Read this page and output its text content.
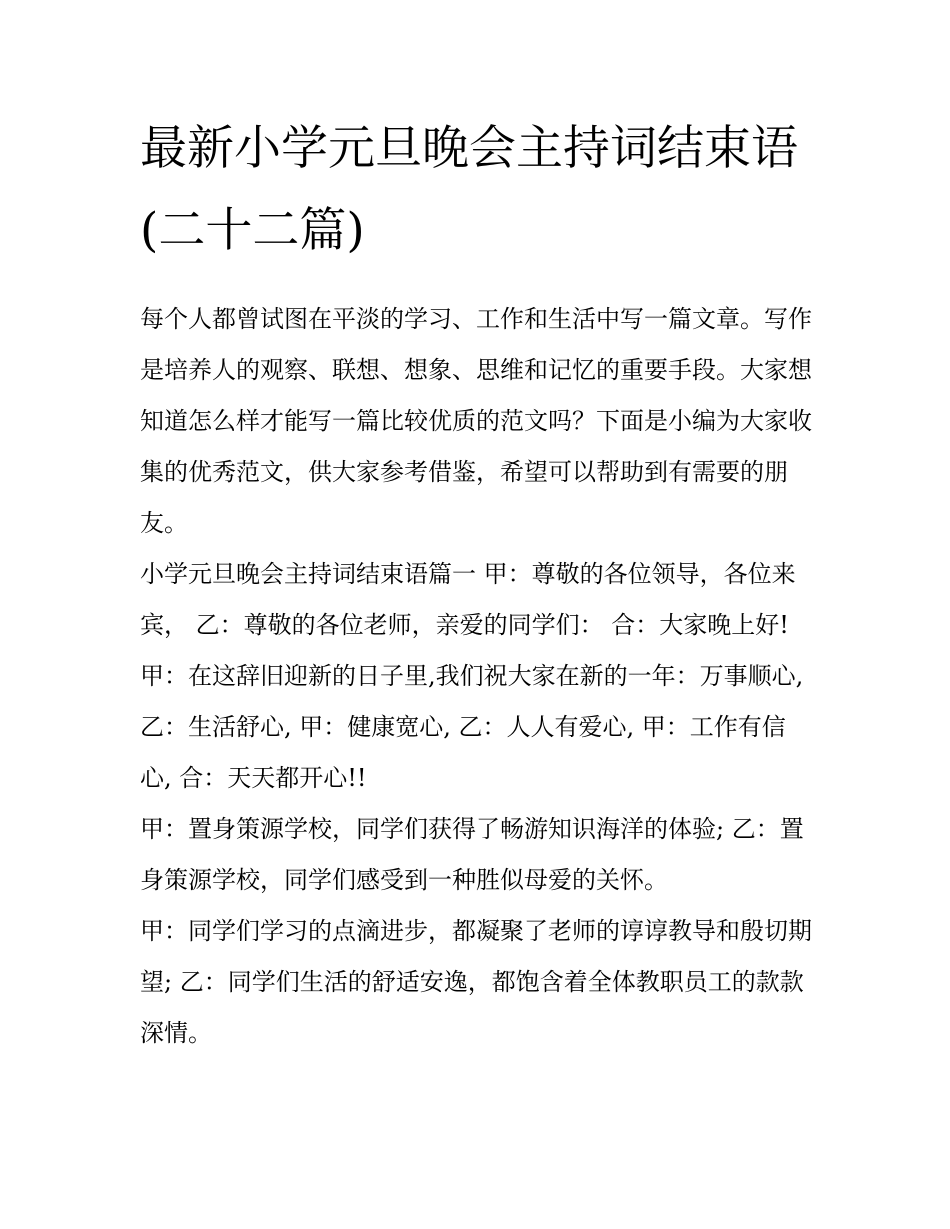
最新小学元旦晚会主持词结束语(二十二篇)

每个人都曾试图在平淡的学习、工作和生活中写一篇文章。写作是培养人的观察、联想、想象、思维和记忆的重要手段。大家想知道怎么样才能写一篇比较优质的范文吗？下面是小编为大家收集的优秀范文，供大家参考借鉴，希望可以帮助到有需要的朋友。

小学元旦晚会主持词结束语篇一 甲：尊敬的各位领导，各位来宾， 乙：尊敬的各位老师，亲爱的同学们： 合：大家晚上好!

甲：在这辞旧迎新的日子里,我们祝大家在新的一年：万事顺心, 乙：生活舒心, 甲：健康宽心, 乙：人人有爱心, 甲：工作有信心, 合：天天都开心!!

甲：置身策源学校，同学们获得了畅游知识海洋的体验; 乙：置身策源学校，同学们感受到一种胜似母爱的关怀。

甲：同学们学习的点滴进步，都凝聚了老师的谆谆教导和殷切期望; 乙：同学们生活的舒适安逸，都饱含着全体教职员工的款款深情。
